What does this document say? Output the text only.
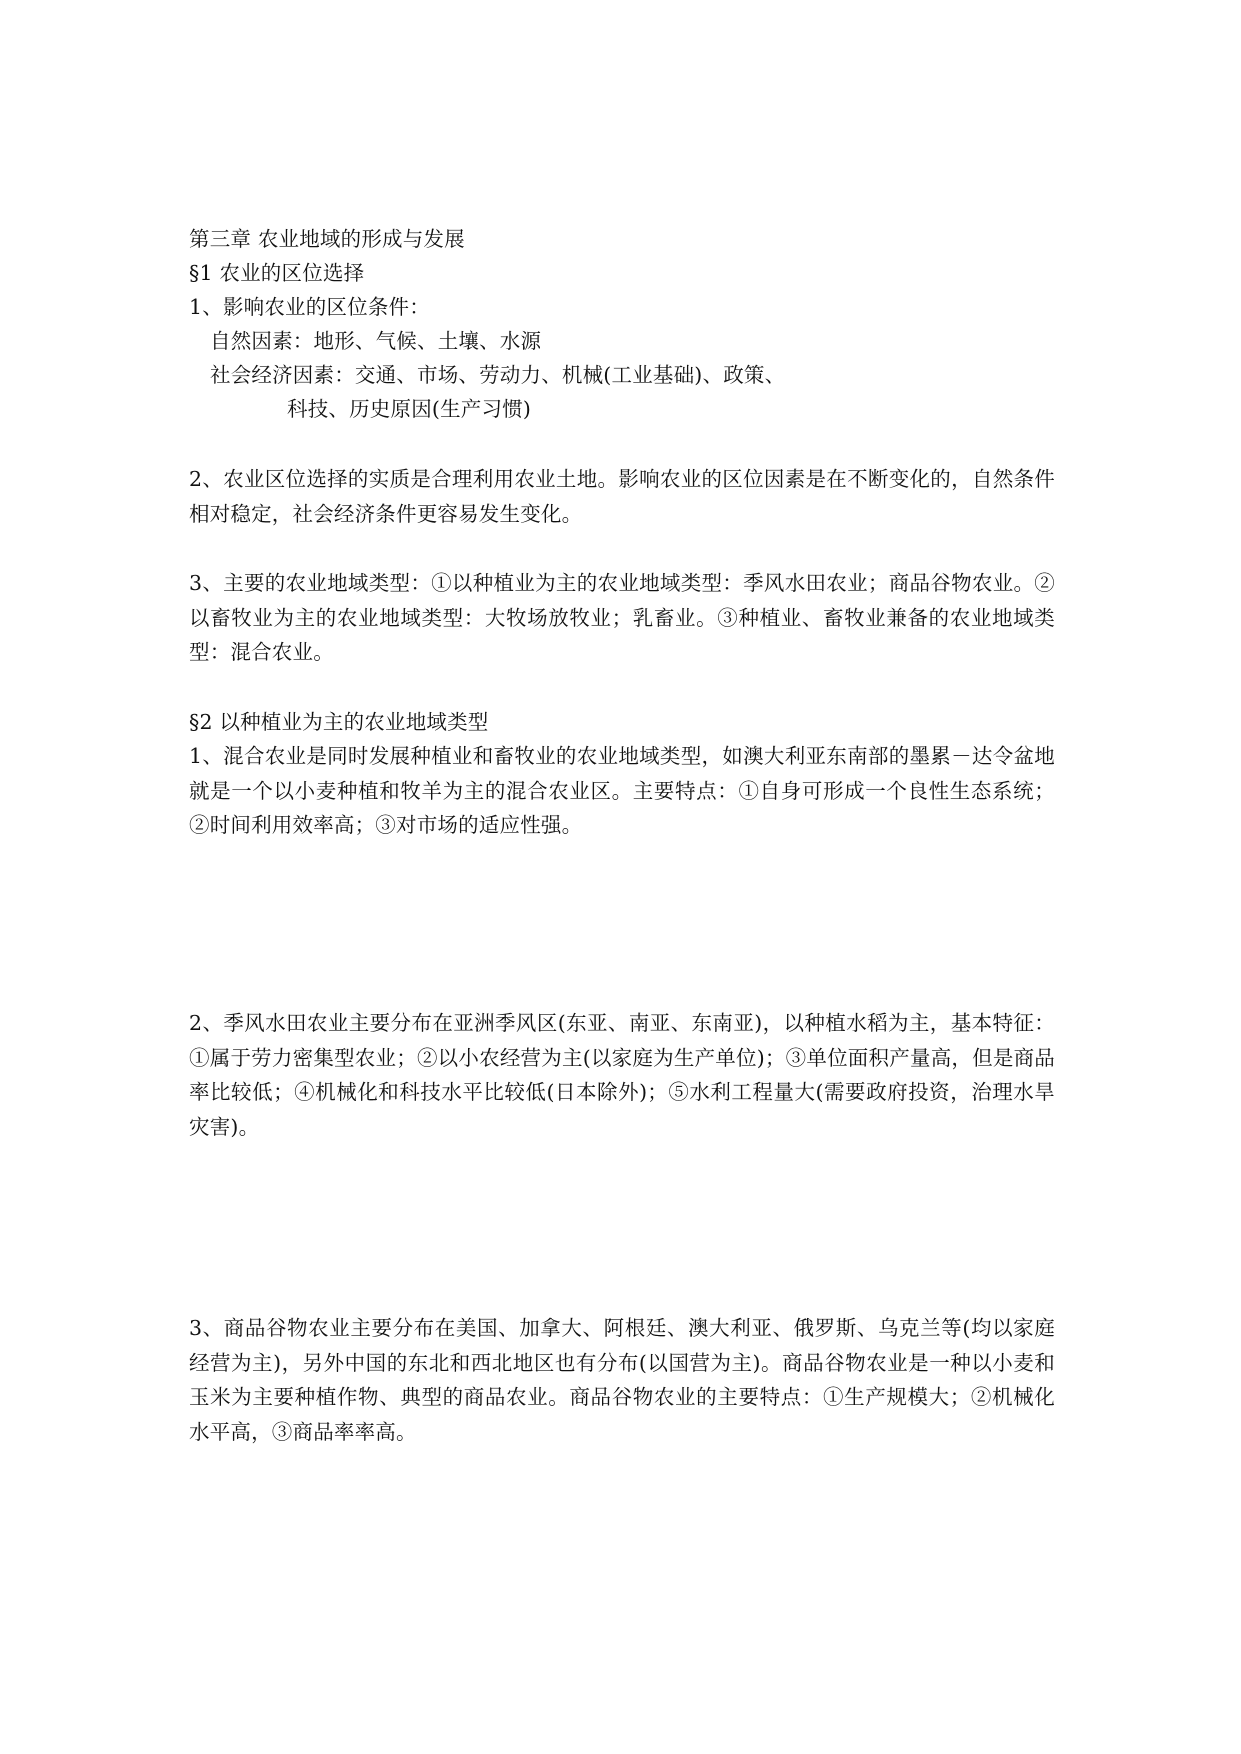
第三章 农业地域的形成与发展
§1 农业的区位选择
1、影响农业的区位条件：
自然因素：地形、气候、土壤、水源
社会经济因素：交通、市场、劳动力、机械(工业基础)、政策、
科技、历史原因(生产习惯)
2、农业区位选择的实质是合理利用农业土地。影响农业的区位因素是在不断变化的，自然条件相对稳定，社会经济条件更容易发生变化。
3、主要的农业地域类型：①以种植业为主的农业地域类型：季风水田农业；商品谷物农业。②以畜牧业为主的农业地域类型：大牧场放牧业；乳畜业。③种植业、畜牧业兼备的农业地域类型：混合农业。
§2 以种植业为主的农业地域类型
1、混合农业是同时发展种植业和畜牧业的农业地域类型，如澳大利亚东南部的墨累－达令盆地就是一个以小麦种植和牧羊为主的混合农业区。主要特点：①自身可形成一个良性生态系统；②时间利用效率高；③对市场的适应性强。
2、季风水田农业主要分布在亚洲季风区(东亚、南亚、东南亚)，以种植水稻为主，基本特征：①属于劳力密集型农业；②以小农经营为主(以家庭为生产单位)；③单位面积产量高，但是商品率比较低；④机械化和科技水平比较低(日本除外)；⑤水利工程量大(需要政府投资，治理水旱灾害)。
3、商品谷物农业主要分布在美国、加拿大、阿根廷、澳大利亚、俄罗斯、乌克兰等(均以家庭经营为主)，另外中国的东北和西北地区也有分布(以国营为主)。商品谷物农业是一种以小麦和玉米为主要种植作物、典型的商品农业。商品谷物农业的主要特点：①生产规模大；②机械化水平高，③商品率率高。
